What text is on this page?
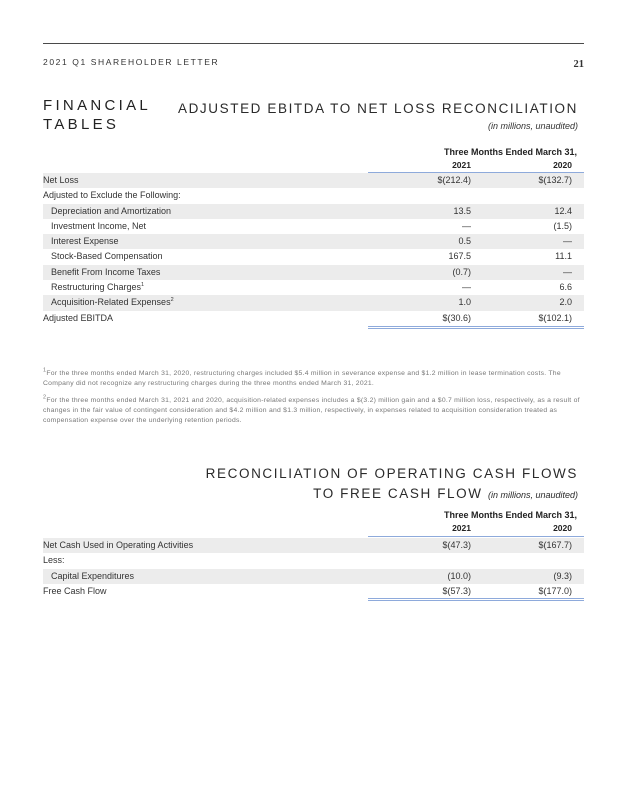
2021 Q1 SHAREHOLDER LETTER	21
FINANCIAL
TABLES
ADJUSTED EBITDA TO NET LOSS RECONCILIATION
(in millions, unaudited)
Three Months Ended March 31,
2021	2020
Net Loss	$(212.4)	$(132.7)
Adjusted to Exclude the Following:
Depreciation and Amortization	13.5	12.4
Investment Income, Net	—	(1.5)
Interest Expense	0.5	—
Stock-Based Compensation	167.5	11.1
Benefit From Income Taxes	(0.7)	—
Restructuring Charges$^1$	—	6.6
Acquisition-Related Expenses$^2$	1.0	2.0
Adjusted EBITDA	$(30.6)	$(102.1)
$^1$For the three months ended March 31, 2020, restructuring charges included $5.4 million in severance expense and $1.2 million in lease termination costs. The Company did not recognize any restructuring charges during the three months ended March 31, 2021.
$^2$For the three months ended March 31, 2021 and 2020, acquisition-related expenses includes a $(3.2) million gain and a $0.7 million loss, respectively, as a result of changes in the fair value of contingent consideration and $4.2 million and $1.3 million, respectively, in expenses related to acquisition consideration treated as compensation expense over the underlying retention periods.
RECONCILIATION OF OPERATING CASH FLOWS
TO FREE CASH FLOW (in millions, unaudited)
Three Months Ended March 31,
2021	2020
Net Cash Used in Operating Activities	$(47.3)	$(167.7)
Less:
Capital Expenditures	(10.0)	(9.3)
Free Cash Flow	$(57.3)	$(177.0)
